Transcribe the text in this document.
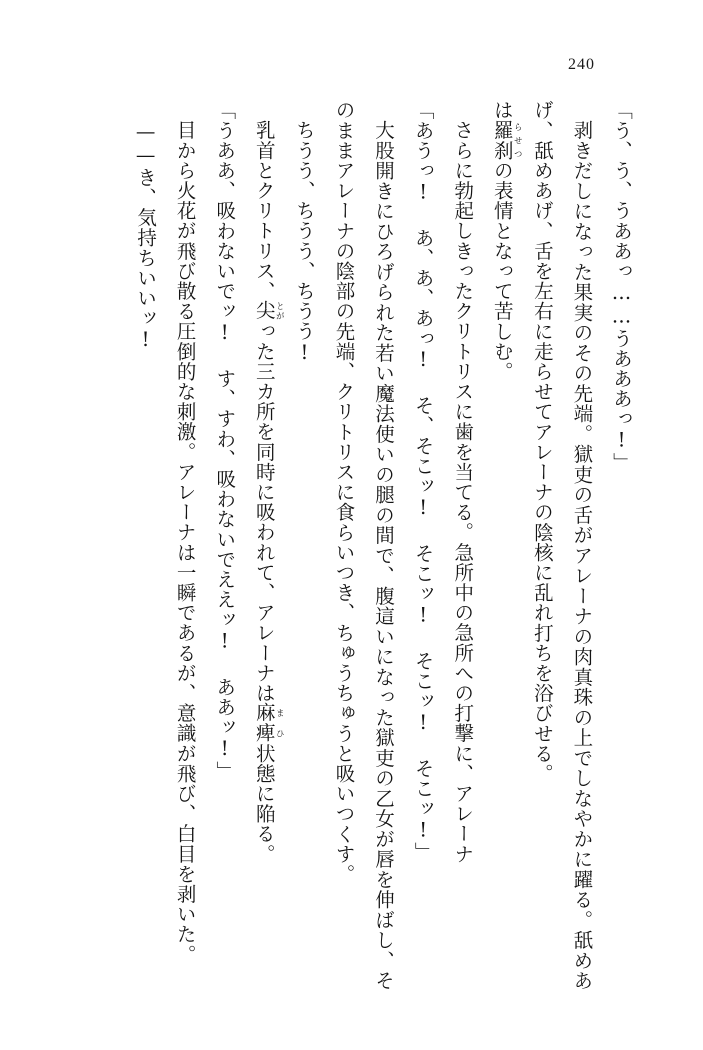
240

「う、う、うああっ……うあああっ!」

剥きだしになった果実のその先端。獄吏の舌がアレーナの肉真珠の上でしなやかに躍る。舐めあげ、舐めあげ、舌を左右に走らせてアレーナの陰核に乱れ打ちを浴びせる。

は羅刹らせつの表情となって苦しむ。

さらに勃起しきったクリトリスに歯を当てる。急所中の急所への打撃に、アレーナ

「あうっ! あ、あ、あっ! そ、そこッ! そこッ! そこッ! そこッ!」

大股開きにひろげられた若い魔法使いの腿の間で、腹這いになった獄吏の乙女が唇を伸ばし、そのままアレーナの陰部の先端、クリトリスに食らいつき、ちゅうちゅうと吸いつくす。

ちうう、ちうう、ちうう!

乳首とクリトリス、尖とがった三カ所を同時に吸われて、アレーナは麻痺まひ状態に陥る。

「うああ、吸わないでッ! す、すわ、吸わないでええッ! ああッ!」

目から火花が飛び散る圧倒的な刺激。アレーナは一瞬であるが、意識が飛び、白目を剥いた。

——き、気持ちいいッ!
